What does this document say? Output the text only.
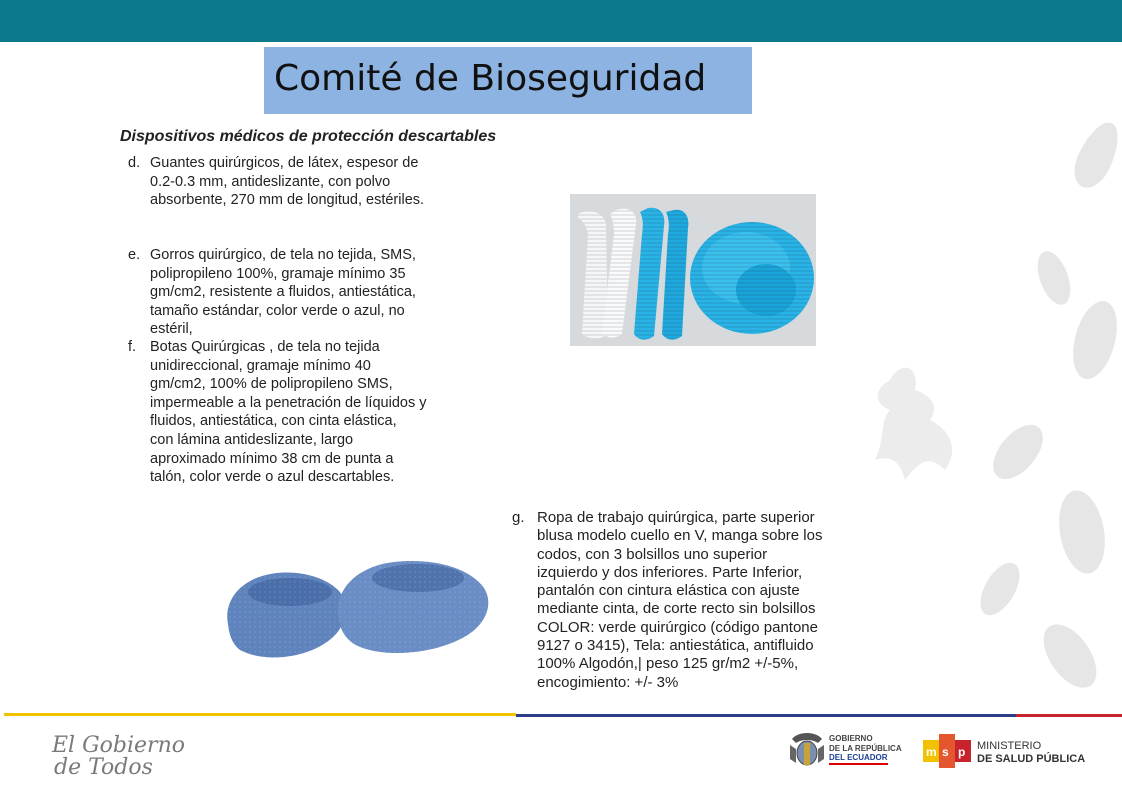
Comité de Bioseguridad
Dispositivos médicos de protección descartables
d. Guantes quirúrgicos, de látex, espesor de
0.2-0.3 mm, antideslizante, con polvo
absorbente, 270 mm de longitud, estériles.
e. Gorros quirúrgico, de tela no tejida, SMS,
polipropileno 100%, gramaje mínimo 35
gm/cm2, resistente a fluidos, antiestática,
tamaño estándar, color verde o azul, no
estéril,
f. Botas Quirúrgicas , de tela no tejida
unidireccional, gramaje mínimo 40
gm/cm2, 100% de polipropileno SMS,
impermeable a la penetración de líquidos y
fluidos, antiestática, con cinta elástica,
con lámina antideslizante, largo
aproximado mínimo 38 cm de punta a
talón, color verde o azul descartables.
g. Ropa de trabajo quirúrgica, parte superior
blusa modelo cuello en V, manga sobre los
codos, con 3 bolsillos uno superior
izquierdo y dos inferiores. Parte Inferior,
pantalón con cintura elástica con ajuste
mediante cinta, de corte recto sin bolsillos
COLOR: verde quirúrgico (código pantone
9127 o 3415), Tela: antiestática, antifluido
100% Algodón,| peso 125 gr/m2 +/-5%,
encogimiento: +/- 3%
El Gobierno
de Todos
GOBIERNO
DE LA REPÚBLICA
DEL ECUADOR	m s p MINISTERIO
DE SALUD PÚBLICA
